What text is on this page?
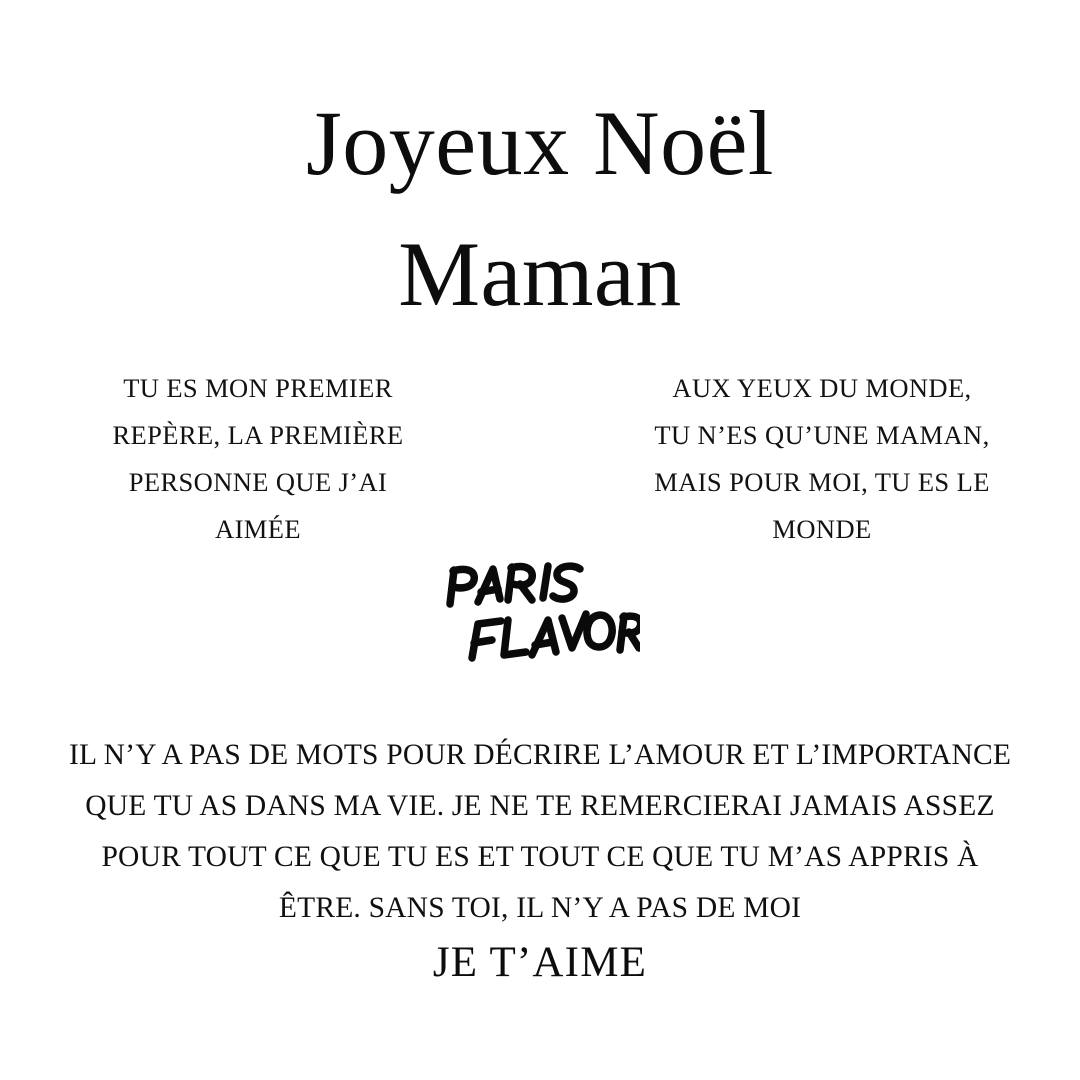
Joyeux Noël
Maman
TU ES MON PREMIER
REPÈRE, LA PREMIÈRE
PERSONNE QUE J’AI
AIMÉE
AUX YEUX DU MONDE,
TU N’ES QU’UNE MAMAN,
MAIS POUR MOI, TU ES LE
MONDE
IL N’Y A PAS DE MOTS POUR DÉCRIRE L’AMOUR ET L’IMPORTANCE
QUE TU AS DANS MA VIE. JE NE TE REMERCIERAI JAMAIS ASSEZ
POUR TOUT CE QUE TU ES ET TOUT CE QUE TU M’AS APPRIS À
ÊTRE. SANS TOI, IL N’Y A PAS DE MOI
JE T’AIME
